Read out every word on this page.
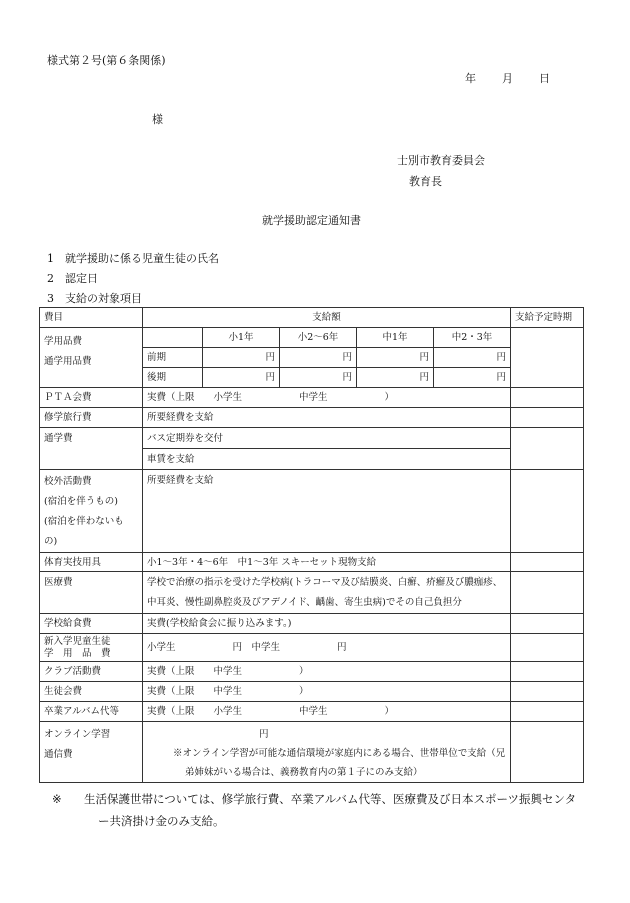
様式第２号(第６条関係)
年 月 日
様
士別市教育委員会
教育長
就学援助認定通知書
1　 就学援助に係る児童生徒の氏名
2　 認定日
3　 支給の対象項目
費目	支給額					支給予定時期

学用品費
通学用品費		小1年	小2～6年	中1年	中2・3年	
	前期	円	円	円	円	
	後期	円	円	円	円	
ＰＴＡ会費	実費（上限　　小学生　　　　　　中学生　　　　　　）					
修学旅行費	所要経費を支給					
通学費	バス定期券を交付					
	車賃を支給					

校外活動費
(宿泊を伴うもの)
(宿泊を伴わないも
の)	所要経費を支給					
体育実技用具	小1～3年・4～6年　中1～3年 スキーセット現物支給					
医療費	学校で治療の指示を受けた学校病(トラコーマ及び結膜炎、白癬、疥癬及び膿痂疹、
中耳炎、慢性副鼻腔炎及びアデノイド、齲歯、寄生虫病)でその自己負担分					

学校給食費	実費(学校給食会に振り込みます。)					

新入学児童生徒
学　用　品　費	小学生　　　　　　円　中学生　　　　　　円					
クラブ活動費	実費（上限　　中学生　　　　　　）					
生徒会費	実費（上限　　中学生　　　　　　）					
卒業アルバム代等	実費（上限　　小学生　　　　　　中学生　　　　　　）					

オンライン学習
通信費	円
※オンライン学習が可能な通信環境が家庭内にある場合、世帯単位で支給（兄
弟姉妹がいる場合は、義務教育内の第１子にのみ支給）					

※ 生活保護世帯については、修学旅行費、卒業アルバム代等、医療費及び日本スポーツ振興センター共済掛け金のみ支給。
